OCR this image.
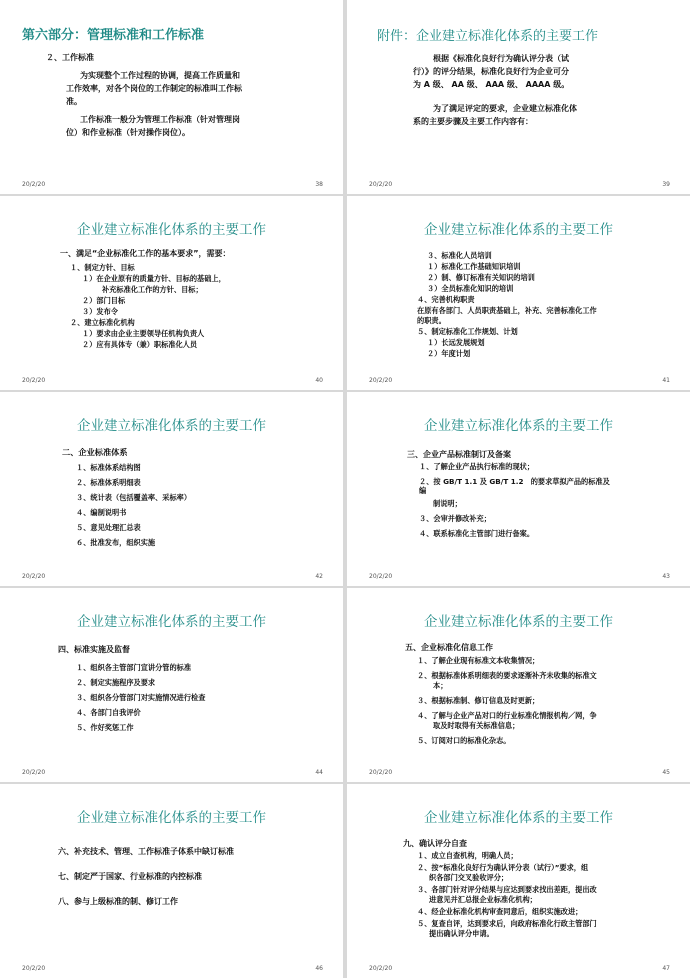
第六部分：管理标准和工作标准
２、工作标准
为实现整个工作过程的协调，提高工作质量和
工作效率，对各个岗位的工作制定的标准叫工作标
准。
工作标准一般分为管理工作标准（针对管理岗
位）和作业标准（针对操作岗位）。
20/2/20	38
附件：企业建立标准化体系的主要工作
根据《标准化良好行为确认评分表（试
行）》的评分结果，标准化良好行为企业可分
为 A 级、 AA 级、 AAA 级、 AAAA 级。
为了满足评定的要求，企业建立标准化体
系的主要步骤及主要工作内容有：
20/2/20	39
企业建立标准化体系的主要工作
一、满足“企业标准化工作的基本要求”，需要：
１、制定方针、目标
１）在企业原有的质量方针、目标的基础上，
补充标准化工作的方针、目标；
２）部门目标
３）发布令
２、建立标准化机构
１）要求由企业主要领导任机构负责人
２）应有具体专（兼）职标准化人员
20/2/20	40
企业建立标准化体系的主要工作
３、标准化人员培训
１）标准化工作基础知识培训
２）制、修订标准有关知识的培训
３）全员标准化知识的培训
４、完善机构职责
在原有各部门、人员职责基础上，补充、完善标准化工作
的职责。
５、制定标准化工作规划、计划
１）长远发展规划
２）年度计划
20/2/20	41
企业建立标准化体系的主要工作
二、企业标准体系
１、标准体系结构图
２、标准体系明细表
３、统计表（包括覆盖率、采标率）
４、编制说明书
５、意见处理汇总表
６、批准发布，组织实施
20/2/20	42
企业建立标准化体系的主要工作
三、企业产品标准制订及备案
１、了解企业产品执行标准的现状；
２、按 GB/T 1.1 及 GB/T 1.2　的要求草拟产品的标准及
编
制说明；
３、会审并修改补充；
４、联系标准化主管部门进行备案。
20/2/20	43
企业建立标准化体系的主要工作
四、标准实施及监督
１、组织各主管部门宣讲分管的标准
２、制定实施程序及要求
３、组织各分管部门对实施情况进行检查
４、各部门自我评价
５、作好奖惩工作
20/2/20	44
企业建立标准化体系的主要工作
五、企业标准化信息工作
１、了解企业现有标准文本收集情况；
２、根据标准体系明细表的要求逐渐补齐未收集的标准文
本；
３、根据标准制、修订信息及时更新；
４、了解与企业产品对口的行业标准化情报机构／网，争
取及时取得有关标准信息；
５、订阅对口的标准化杂志。
20/2/20	45
企业建立标准化体系的主要工作
六、补充技术、管理、工作标准子体系中缺订标准
七、制定严于国家、行业标准的内控标准
八、参与上级标准的制、修订工作
20/2/20	46
企业建立标准化体系的主要工作
九、确认评分自查
１、成立自查机构，明确人员；
２、按“标准化良好行为确认评分表（试行）”要求，组
织各部门交叉验收评分；
３、各部门针对评分结果与应达到要求找出差距，提出改
进意见并汇总报企业标准化机构；
４、经企业标准化机构审查同意后，组织实施改进；
５、复查自评，达到要求后，向政府标准化行政主管部门
提出确认评分申请。
20/2/20	47
